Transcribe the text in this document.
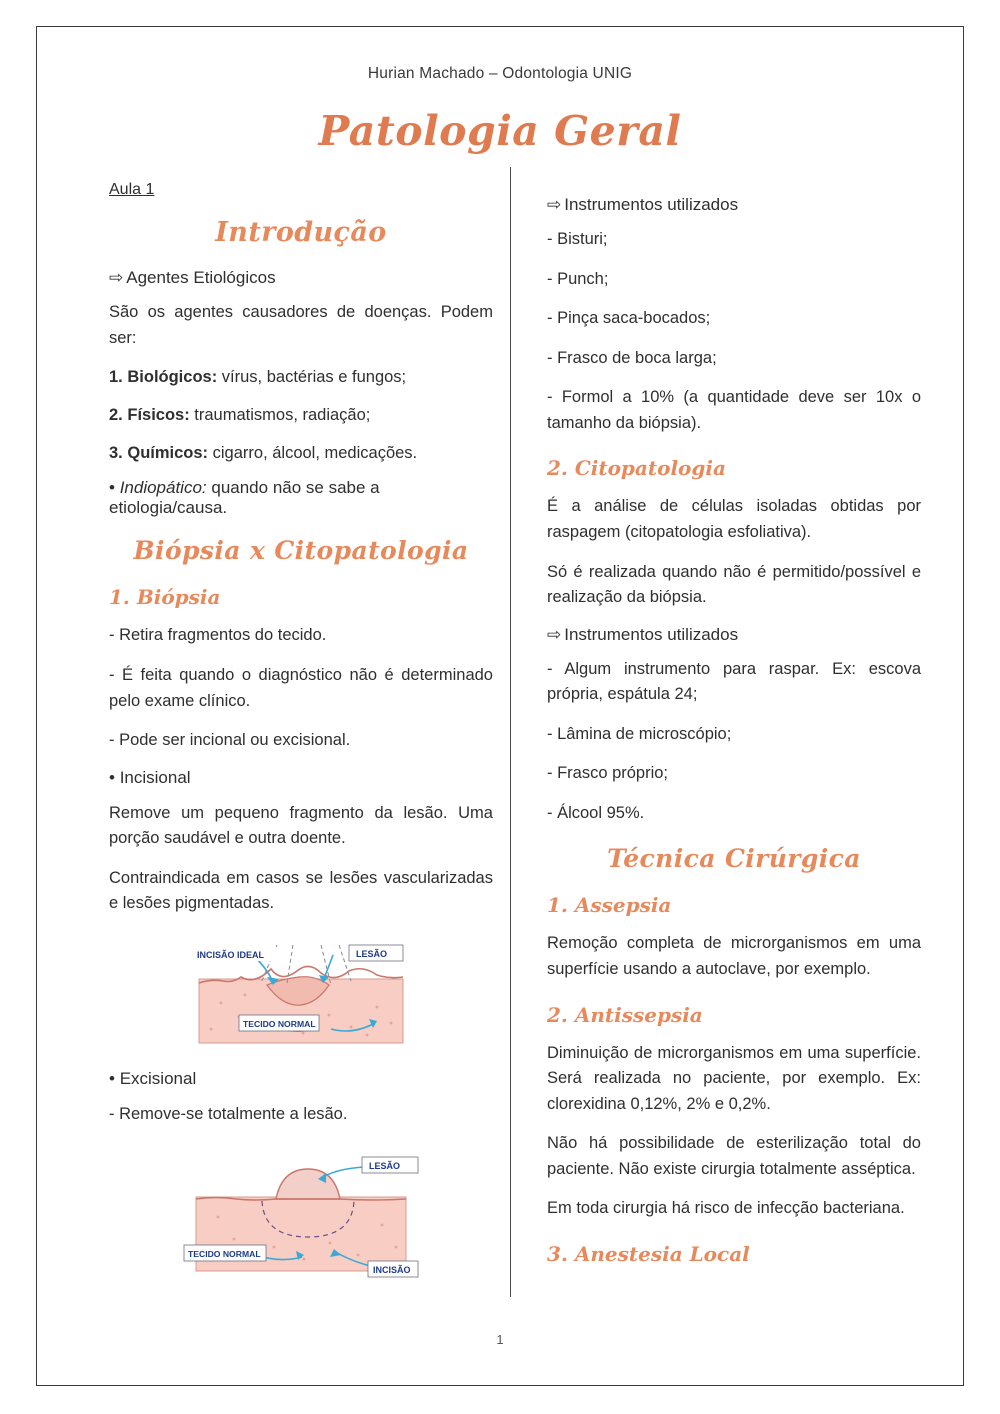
Hurian Machado – Odontologia UNIG
Patologia Geral
Aula 1
Introdução
⇨ Agentes Etiológicos

São os agentes causadores de doenças. Podem ser:

1. Biológicos: vírus, bactérias e fungos;

2. Físicos: traumatismos, radiação;

3. Químicos: cigarro, álcool, medicações.

• Indiopático: quando não se sabe a etiologia/causa.

Biópsia x Citopatologia
1. Biópsia

- Retira fragmentos do tecido.

- É feita quando o diagnóstico não é determinado pelo exame clínico.

- Pode ser incional ou excisional.

• Incisional

Remove um pequeno fragmento da lesão. Uma porção saudável e outra doente.

Contraindicada em casos se lesões vascularizadas e lesões pigmentadas.

INCISÃO IDEAL	LESÃO
TECIDO NORMAL

• Excisional

- Remove-se totalmente a lesão.

LESÃO
TECIDO NORMAL
INCISÃO
⇨ Instrumentos utilizados

- Bisturi;

- Punch;

- Pinça saca-bocados;

- Frasco de boca larga;

- Formol a 10% (a quantidade deve ser 10x o tamanho da biópsia).

2. Citopatologia

É a análise de células isoladas obtidas por raspagem (citopatologia esfoliativa).

Só é realizada quando não é permitido/possível e realização da biópsia.

⇨ Instrumentos utilizados

- Algum instrumento para raspar. Ex: escova própria, espátula 24;

- Lâmina de microscópio;

- Frasco próprio;

- Álcool 95%.

Técnica Cirúrgica
1. Assepsia

Remoção completa de microrganismos em uma superfície usando a autoclave, por exemplo.

2. Antissepsia

Diminuição de microrganismos em uma superfície. Será realizada no paciente, por exemplo. Ex: clorexidina 0,12%, 2% e 0,2%.

Não há possibilidade de esterilização total do paciente. Não existe cirurgia totalmente asséptica.

Em toda cirurgia há risco de infecção bacteriana.

3. Anestesia Local
1
